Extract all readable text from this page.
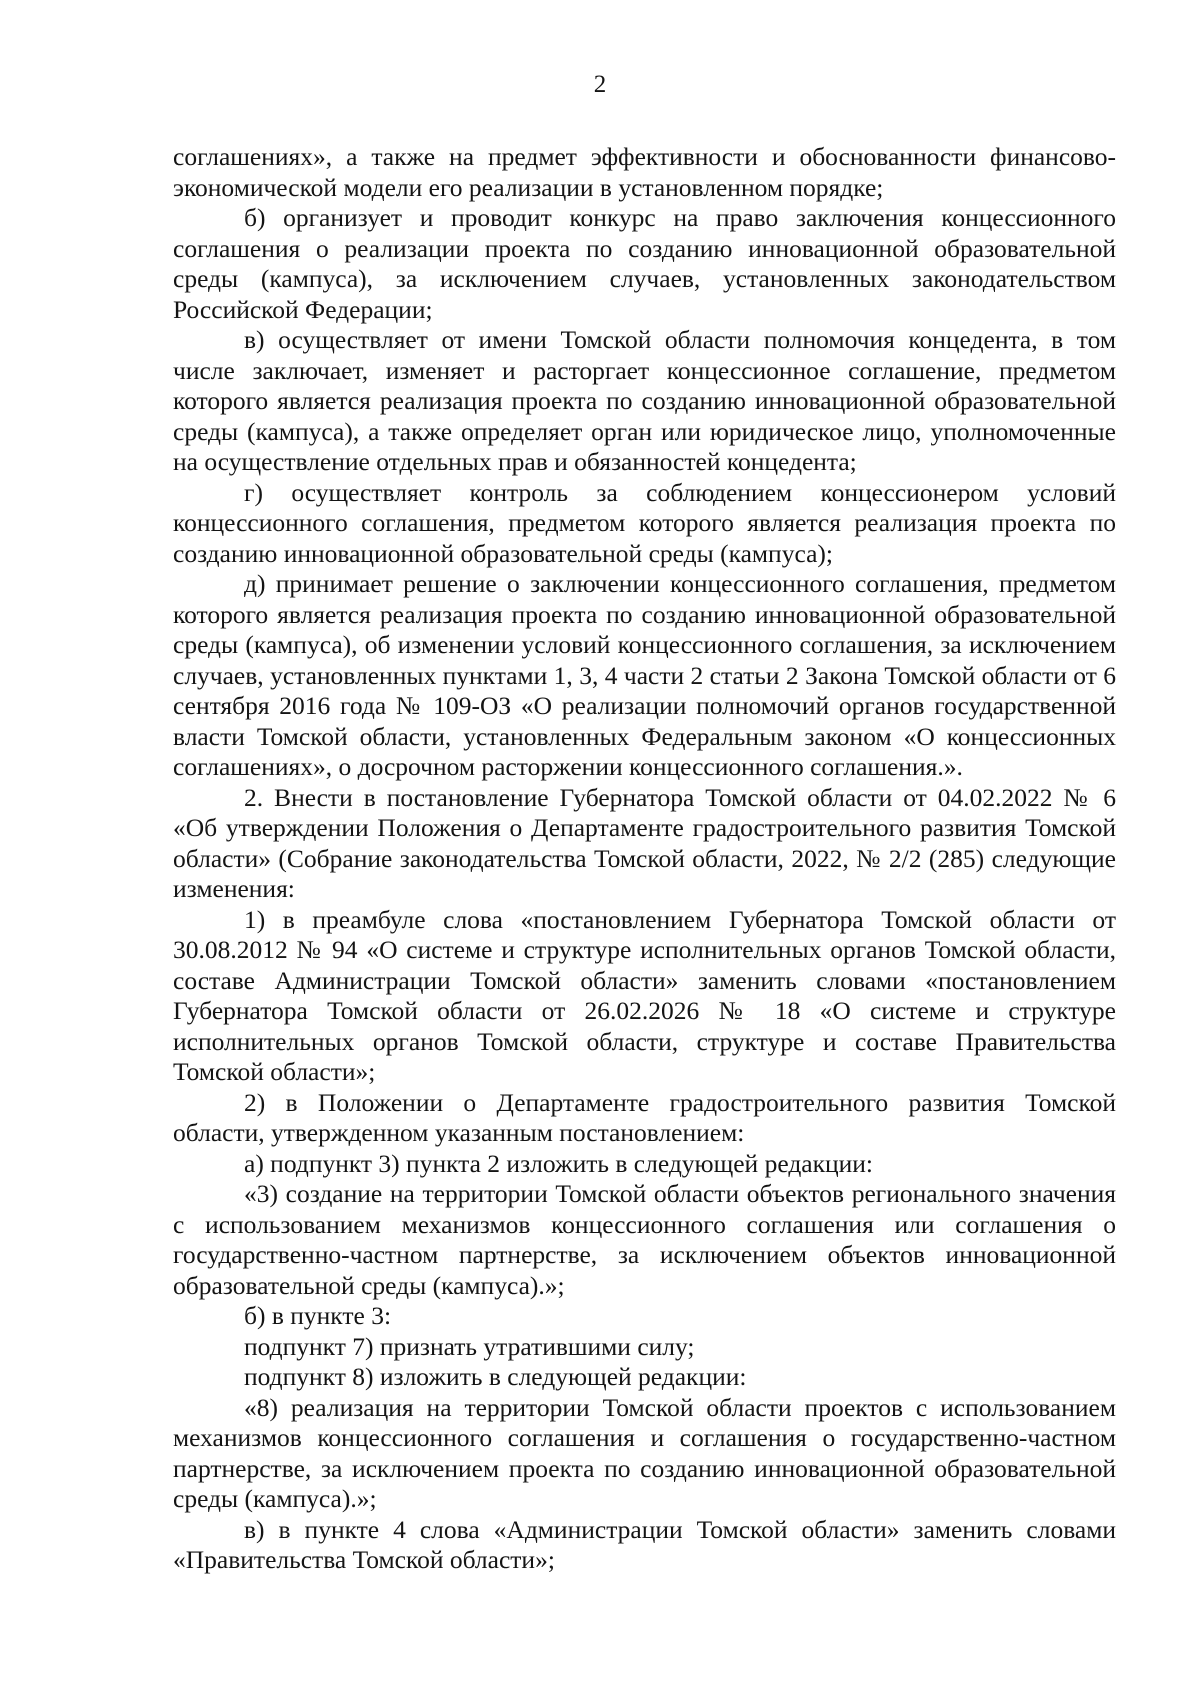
2

соглашениях», а также на предмет эффективности и обоснованности финансово-экономической модели его реализации в установленном порядке;

б) организует и проводит конкурс на право заключения концессионного соглашения о реализации проекта по созданию инновационной образовательной среды (кампуса), за исключением случаев, установленных законодательством Российской Федерации;

в) осуществляет от имени Томской области полномочия концедента, в том числе заключает, изменяет и расторгает концессионное соглашение, предметом которого является реализация проекта по созданию инновационной образовательной среды (кампуса), а также определяет орган или юридическое лицо, уполномоченные на осуществление отдельных прав и обязанностей концедента;

г) осуществляет контроль за соблюдением концессионером условий концессионного соглашения, предметом которого является реализация проекта по созданию инновационной образовательной среды (кампуса);

д) принимает решение о заключении концессионного соглашения, предметом которого является реализация проекта по созданию инновационной образовательной среды (кампуса), об изменении условий концессионного соглашения, за исключением случаев, установленных пунктами 1, 3, 4 части 2 статьи 2 Закона Томской области от 6 сентября 2016 года № 109-ОЗ «О реализации полномочий органов государственной власти Томской области, установленных Федеральным законом «О концессионных соглашениях», о досрочном расторжении концессионного соглашения.».

2. Внести в постановление Губернатора Томской области от 04.02.2022 № 6 «Об утверждении Положения о Департаменте градостроительного развития Томской области» (Собрание законодательства Томской области, 2022, № 2/2 (285) следующие изменения:

1) в преамбуле слова «постановлением Губернатора Томской области от 30.08.2012 № 94 «О системе и структуре исполнительных органов Томской области, составе Администрации Томской области» заменить словами «постановлением Губернатора Томской области от 26.02.2026 № 18 «О системе и структуре исполнительных органов Томской области, структуре и составе Правительства Томской области»;

2) в Положении о Департаменте градостроительного развития Томской области, утвержденном указанным постановлением:

а) подпункт 3) пункта 2 изложить в следующей редакции:

«3) создание на территории Томской области объектов регионального значения с использованием механизмов концессионного соглашения или соглашения о государственно-частном партнерстве, за исключением объектов инновационной образовательной среды (кампуса).»;

б) в пункте 3:

подпункт 7) признать утратившими силу;

подпункт 8) изложить в следующей редакции:

«8) реализация на территории Томской области проектов с использованием механизмов концессионного соглашения и соглашения о государственно-частном партнерстве, за исключением проекта по созданию инновационной образовательной среды (кампуса).»;

в) в пункте 4 слова «Администрации Томской области» заменить словами «Правительства Томской области»;
